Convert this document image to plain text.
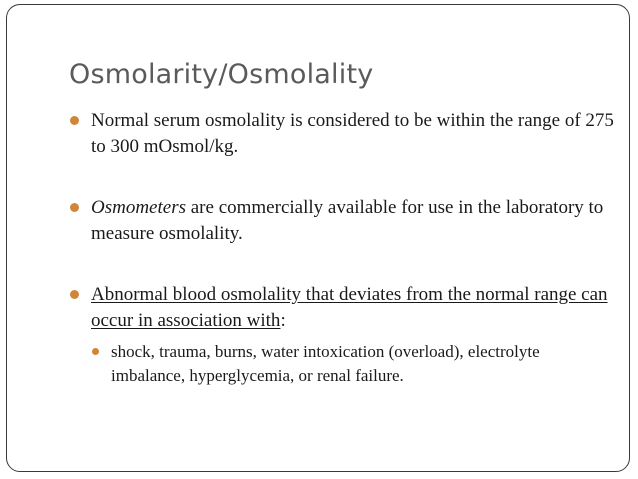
Osmolarity/Osmolality
Normal serum osmolality is considered to be within the range of 275 to 300 mOsmol/kg.
Osmometers are commercially available for use in the laboratory to measure osmolality.
Abnormal blood osmolality that deviates from the normal range can occur in association with:
shock, trauma, burns, water intoxication (overload), electrolyte imbalance, hyperglycemia, or renal failure.
